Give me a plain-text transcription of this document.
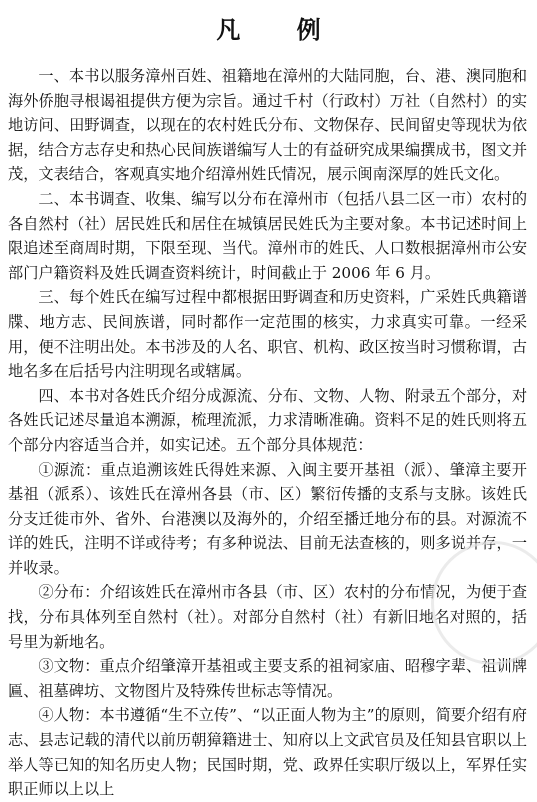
凡 例

一、本书以服务漳州百姓、祖籍地在漳州的大陆同胞，台、港、澳同胞和海外侨胞寻根谒祖提供方便为宗旨。通过千村（行政村）万社（自然村）的实地访问、田野调查，以现在的农村姓氏分布、文物保存、民间留史等现状为依据，结合方志存史和热心民间族谱编写人士的有益研究成果编撰成书，图文并茂，文表结合，客观真实地介绍漳州姓氏情况，展示闽南深厚的姓氏文化。

二、本书调查、收集、编写以分布在漳州市（包括八县二区一市）农村的各自然村（社）居民姓氏和居住在城镇居民姓氏为主要对象。本书记述时间上限追述至商周时期，下限至现、当代。漳州市的姓氏、人口数根据漳州市公安部门户籍资料及姓氏调查资料统计，时间截止于 2006 年 6 月。

三、每个姓氏在编写过程中都根据田野调查和历史资料，广采姓氏典籍谱牒、地方志、民间族谱，同时都作一定范围的核实，力求真实可靠。一经采用，便不注明出处。本书涉及的人名、职官、机构、政区按当时习惯称谓，古地名多在后括号内注明现名或辖属。

四、本书对各姓氏介绍分成源流、分布、文物、人物、附录五个部分，对各姓氏记述尽量追本溯源，梳理流派，力求清晰准确。资料不足的姓氏则将五个部分内容适当合并，如实记述。五个部分具体规范：

①源流：重点追溯该姓氏得姓来源、入闽主要开基祖（派）、肇漳主要开基祖（派系）、该姓氏在漳州各县（市、区）繁衍传播的支系与支脉。该姓氏分支迁徙市外、省外、台港澳以及海外的，介绍至播迁地分布的县。对源流不详的姓氏，注明不详或待考；有多种说法、目前无法查核的，则多说并存，一并收录。

②分布：介绍该姓氏在漳州市各县（市、区）农村的分布情况，为便于查找，分布具体列至自然村（社）。对部分自然村（社）有新旧地名对照的，括号里为新地名。

③文物：重点介绍肇漳开基祖或主要支系的祖祠家庙、昭穆字辈、祖训牌匾、祖墓碑坊、文物图片及特殊传世标志等情况。

④人物：本书遵循“生不立传”、“以正面人物为主”的原则，简要介绍有府志、县志记载的清代以前历朝獐籍进士、知府以上文武官员及任知县官职以上举人等已知的知名历史人物；民国时期，党、政界任实职厅级以上，军界任实职正师以上以上
